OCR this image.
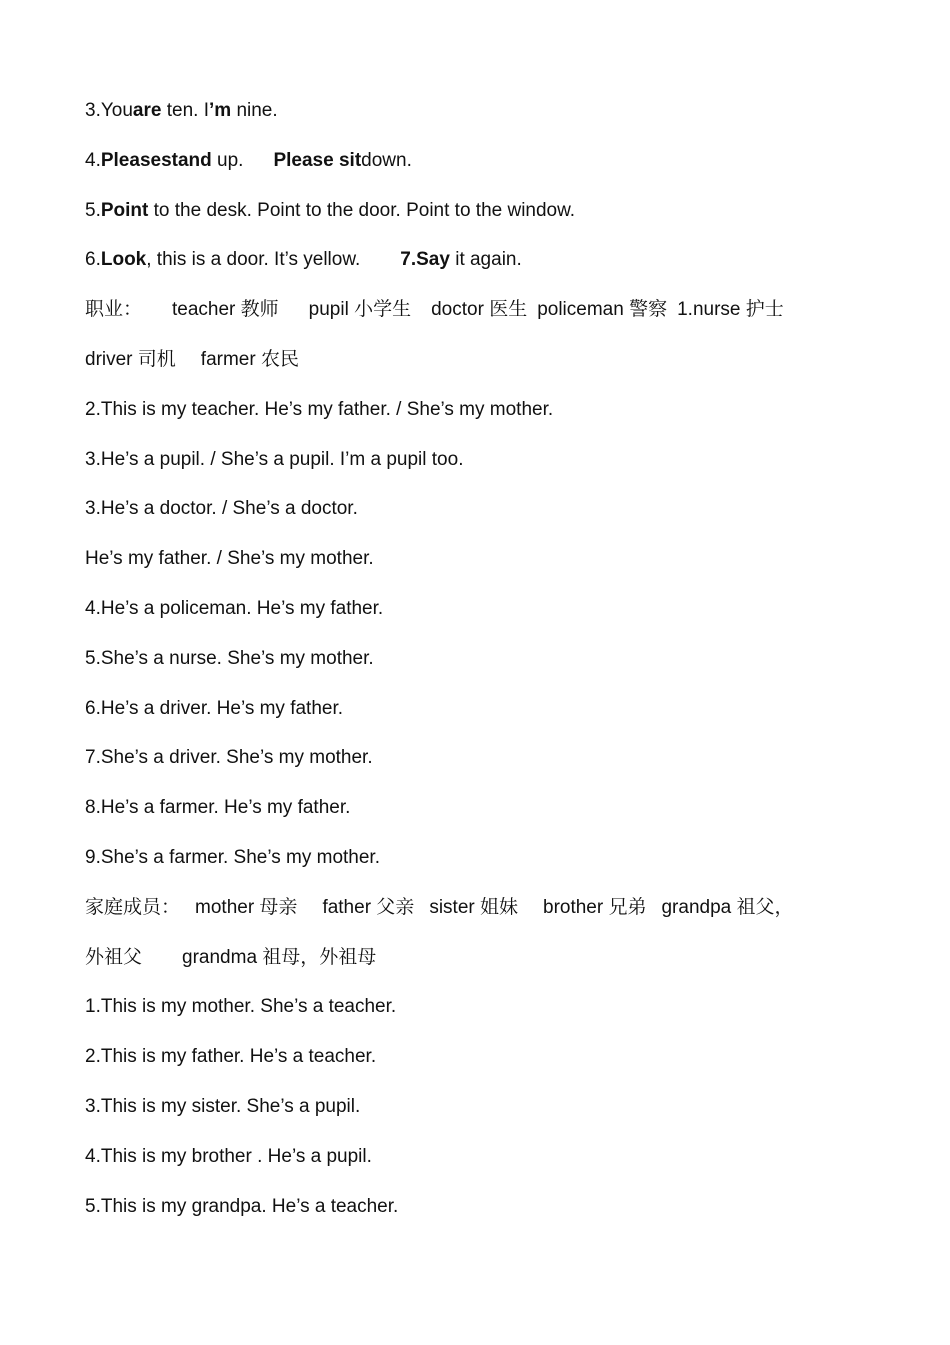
3.Youare ten. I’m nine.
4.Pleasestand up. Please sitdown.
5.Point to the desk. Point to the door. Point to the window.
6.Look, this is a door. It’s yellow. 7.Say it again.
职业： teacher 教师 pupil 小学生 doctor 医生 policeman 警察 1.nurse 护士
driver 司机 farmer 农民
2.This is my teacher. He’s my father. / She’s my mother.
3.He’s a pupil. / She’s a pupil. I’m a pupil too.
3.He’s a doctor. / She’s a doctor.
He’s my father. / She’s my mother.
4.He’s a policeman. He’s my father.
5.She’s a nurse. She’s my mother.
6.He’s a driver. He’s my father.
7.She’s a driver. She’s my mother.
8.He’s a farmer. He’s my father.
9.She’s a farmer. She’s my mother.
家庭成员： mother 母亲 father 父亲 sister 姐妹 brother 兄弟 grandpa 祖父，
外祖父 grandma 祖母，外祖母
1.This is my mother. She’s a teacher.
2.This is my father. He’s a teacher.
3.This is my sister. She’s a pupil.
4.This is my brother . He’s a pupil.
5.This is my grandpa. He’s a teacher.
